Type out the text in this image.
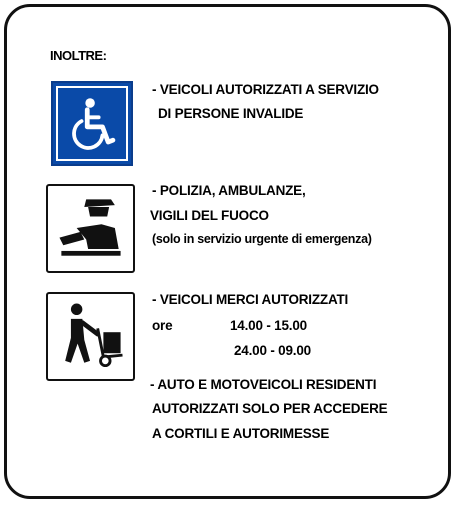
INOLTRE:
- VEICOLI AUTORIZZATI A SERVIZIO
DI PERSONE INVALIDE
- POLIZIA, AMBULANZE,
VIGILI DEL FUOCO
(solo in servizio urgente di emergenza)
- VEICOLI MERCI AUTORIZZATI
ore	14.00 - 15.00
24.00 - 09.00
- AUTO E MOTOVEICOLI RESIDENTI
AUTORIZZATI SOLO PER ACCEDERE
A CORTILI E AUTORIMESSE
